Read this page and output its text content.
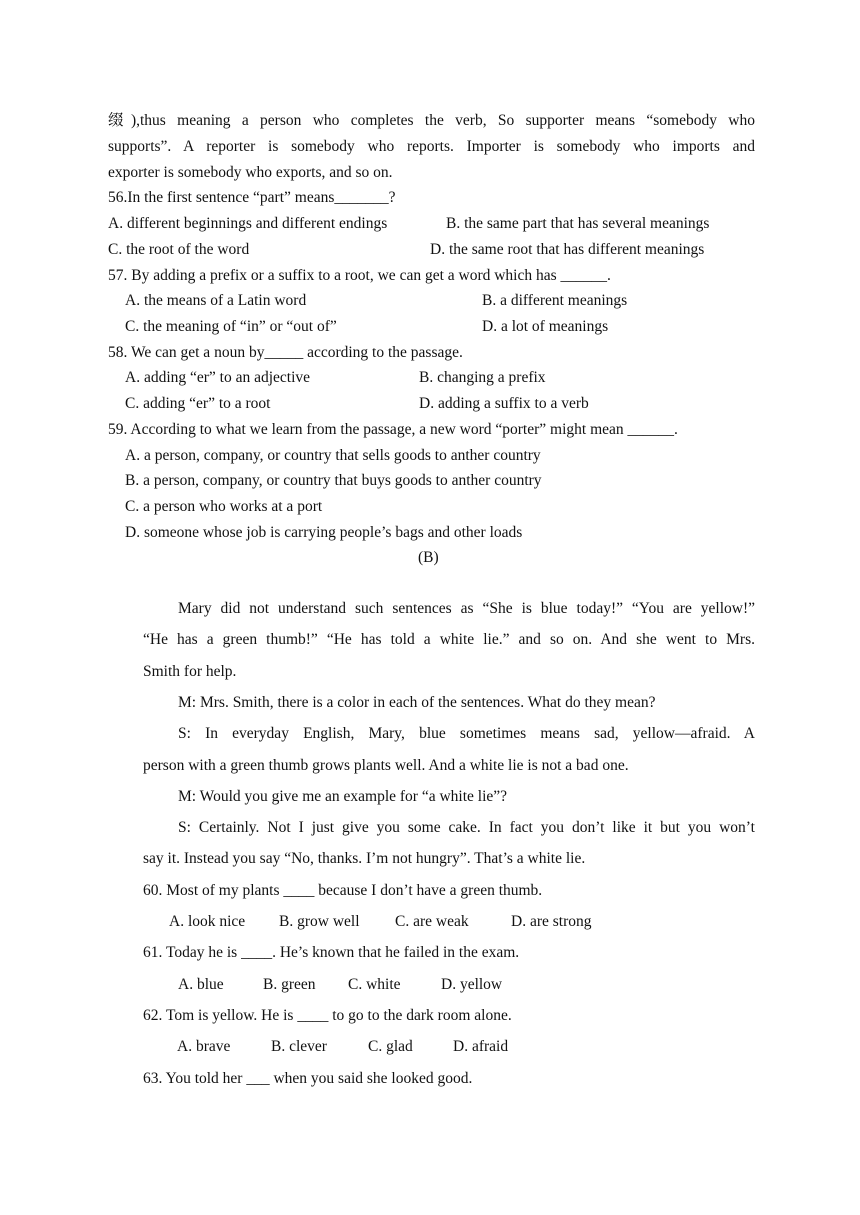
缀),thus meaning a person who completes the verb, So supporter means “somebody who
supports”. A reporter is somebody who reports. Importer is somebody who imports and
exporter is somebody who exports, and so on.
56.In the first sentence “part” means_______?
A. different beginnings and different endings	B. the same part that has several meanings
C. the root of the word	D. the same root that has different meanings
57. By adding a prefix or a suffix to a root, we can get a word which has ______.
A. the means of a Latin word	B. a different meanings
C. the meaning of “in” or “out of”	D. a lot of meanings
58. We can get a noun by_____ according to the passage.
A. adding “er” to an adjective	B. changing a prefix
C. adding “er” to a root	D. adding a suffix to a verb
59. According to what we learn from the passage, a new word “porter” might mean ______.
A. a person, company, or country that sells goods to anther country
B. a person, company, or country that buys goods to anther country
C. a person who works at a port
D. someone whose job is carrying people’s bags and other loads
(B)
Mary did not understand such sentences as “She is blue today!” “You are yellow!”
“He has a green thumb!” “He has told a white lie.” and so on. And she went to Mrs.
Smith for help.
M: Mrs. Smith, there is a color in each of the sentences. What do they mean?
S: In everyday English, Mary, blue sometimes means sad, yellow—afraid. A
person with a green thumb grows plants well. And a white lie is not a bad one.
M: Would you give me an example for “a white lie”?
S: Certainly. Not I just give you some cake. In fact you don’t like it but you won’t
say it. Instead you say “No, thanks. I’m not hungry”. That’s a white lie.
60. Most of my plants ____ because I don’t have a green thumb.
A. look nice B. grow well C. are weak	D. are strong
61. Today he is ____. He’s known that he failed in the exam.
A. blue	B. green C. white	D. yellow
62. Tom is yellow. He is ____ to go to the dark room alone.
A. brave	B. clever	C. glad	D. afraid
63. You told her ___ when you said she looked good.
